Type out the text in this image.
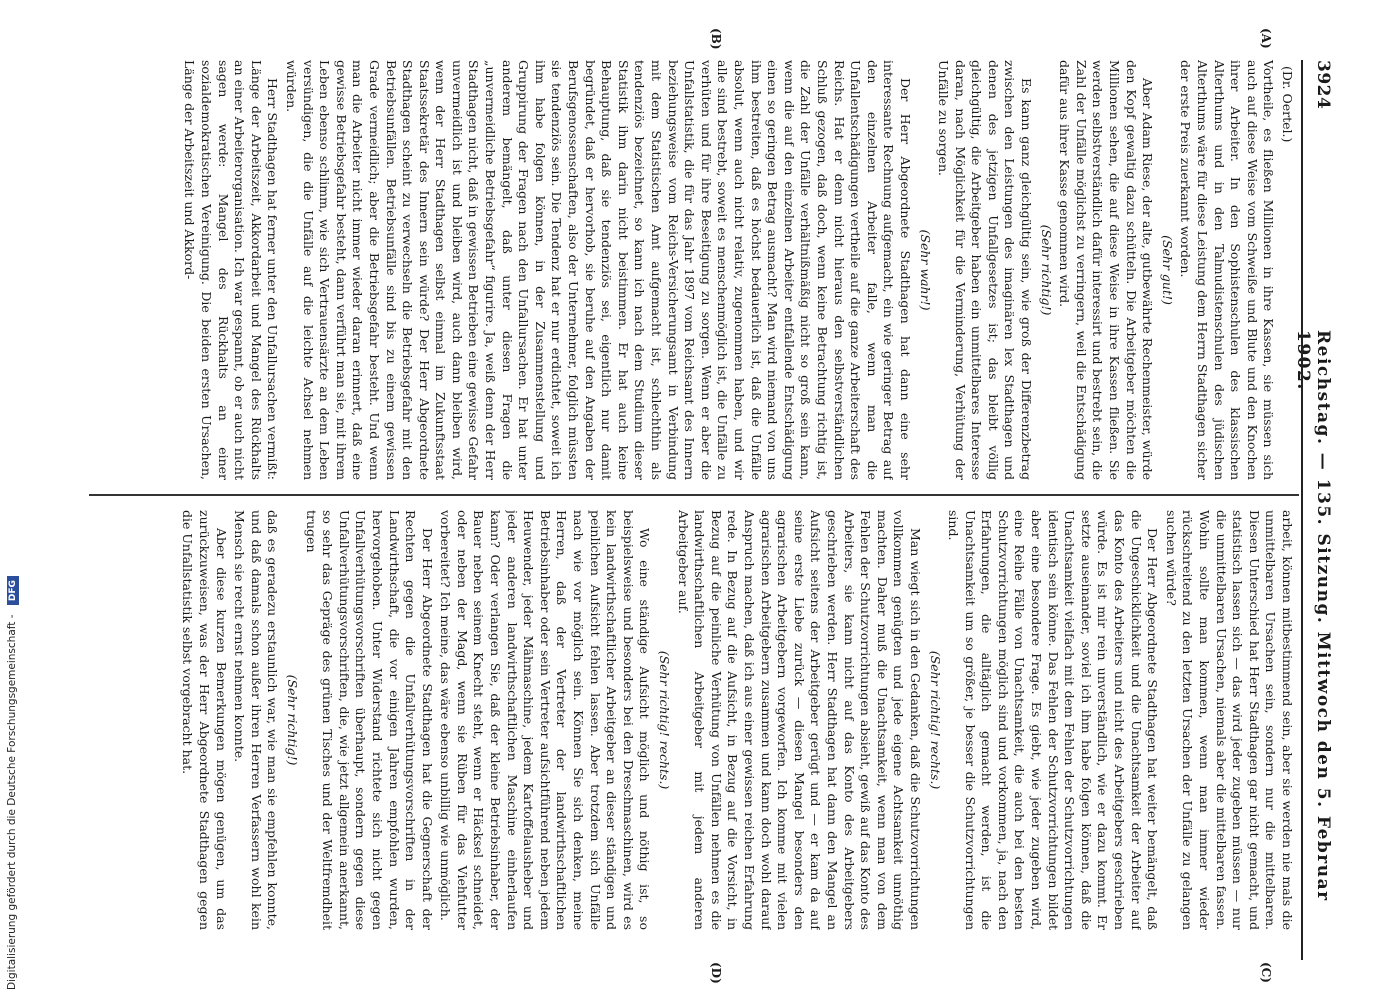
3924
Reichstag. — 135. Sitzung. Mittwoch den 5. Februar 1902.
(A)
(B)
(C)
(D)
(Dr. Oertel.)

Vortheile, es fließen Millionen in ihre Kassen, sie müssen sich auch auf diese Weise vom Schweiße und Blute und den Knochen ihrer Arbeiter. In den Sophistenschulen des klassischen Alterthums und in den Talmudistenschulen des jüdischen Alterthums wäre für diese Leistung dem Herrn Stadthagen sicher der erste Preis zuerkannt worden.

(Sehr gut!)

Aber Adam Riese, der alte, gutbewährte Rechenmeister, würde den Kopf gewaltig dazu schütteln. Die Arbeitgeber möchten die Millionen sehen, die auf diese Weise in ihre Kassen fließen. Sie werden selbstverständlich dafür interessirt und bestrebt sein, die Zahl der Unfälle möglichst zu verringern, weil die Entschädigung dafür aus ihrer Kasse genommen wird.

(Sehr richtig!)

Es kann ganz gleichgültig sein, wie groß der Differenzbetrag zwischen den Leistungen des imaginären lex Stadthagen und denen des jetzigen Unfallgesetzes ist; das bleibt völlig gleichgültig, die Arbeitgeber haben ein unmittelbares Interesse daran, nach Möglichkeit für die Verminderung, Verhütung der Unfälle zu sorgen.

(Sehr wahr!)

Der Herr Abgeordnete Stadthagen hat dann eine sehr interessante Rechnung aufgemacht, ein wie geringer Betrag auf den einzelnen Arbeiter falle, wenn man die Unfallentschädigungen vertheile auf die ganze Arbeiterschaft des Reichs. Hat er denn nicht hieraus den selbstverständlichen Schluß gezogen, daß doch, wenn keine Betrachtung richtig ist, die Zahl der Unfälle verhältnißmäßig nicht so groß sein kann, wenn die auf den einzelnen Arbeiter entfallende Entschädigung einen so geringen Betrag ausmacht? Man wird niemand von uns ihm bestreiten, daß es höchst bedauerlich ist, daß die Unfälle absolut, wenn auch nicht relativ, zugenommen haben, und wir alle sind bestrebt, soweit es menschenmöglich ist, die Unfälle zu verhüten und für ihre Beseitigung zu sorgen. Wenn er aber die Unfallstatistik, die für das Jahr 1897 vom Reichsamt des Innern beziehungsweise vom Reichs-Versicherungsamt in Verbindung mit dem Statistischen Amt aufgemacht ist, schlechthin als tendenziös bezeichnet, so kann ich nach dem Studium dieser Statistik ihm darin nicht beistimmen. Er hat auch keine Behauptung, daß sie tendenziös sei, eigentlich nur damit begründet, daß er hervorhob, sie beruhe auf den Angaben der Berufsgenossenschaften, also der Unternehmer, folglich müssten sie tendenziös sein. Die Tendenz hat er nur erdichtet, soweit ich ihm habe folgen können, in der Zusammenstellung und Gruppirung der Fragen nach den Unfallursachen. Er hat unter anderem bemängelt, daß unter diesen Fragen die „unvermeidliche Betriebsgefahr“ figurire. Ja, weiß denn der Herr Stadthagen nicht, daß in gewissen Betrieben eine gewisse Gefahr unvermeidlich ist und bleiben wird, auch dann bleiben wird, wenn der Herr Stadthagen selbst einmal im Zukunftsstaat Staatssekretär des Innern sein würde? Der Herr Abgeordnete Stadthagen scheint zu verwechseln die Betriebsgefahr mit den Betriebsunfällen. Betriebsunfälle sind bis zu einem gewissen Grade vermeidlich; aber die Betriebsgefahr besteht. Und wenn man die Arbeiter nicht immer wieder daran erinnert, daß eine gewisse Betriebsgefahr besteht, dann verführt man sie, mit ihrem Leben ebenso schlimm, wie sich Vertrauensärzte an dem Leben versündigen, die die Unfälle auf die leichte Achsel nehmen würden.

Herr Stadthagen hat ferner unter den Unfallursachen vermißt: Länge der Arbeitszeit, Akkordarbeit und Mangel des Rückhalts an einer Arbeiterorganisation. Ich war gespannt, ob er auch nicht sagen werde: Mangel des Rückhalts an einer sozialdemokratischen Vereinigung. Die beiden ersten Ursachen, Länge der Arbeitszeit und Akkord-

arbeit, können mitbestimmend sein, aber sie werden nie mals die unmittelbaren Ursachen sein, sondern nur die mittelbaren. Diesen Unterschied hat Herr Stadthagen gar nicht gemacht, und statistisch lassen sich — das wird jeder zugeben müssen — nur die unmittelbaren Ursachen, niemals aber die mittelbaren fassen. Wohin sollte man kommen, wenn man immer wieder rückschreitend zu den letzten Ursachen der Unfälle zu gelangen suchen würde?

Der Herr Abgeordnete Stadthagen hat weiter bemängelt, daß die Ungeschicklichkeit und die Unachtsamkeit der Arbeiter auf das Konto des Arbeiters und nicht des Arbeitgebers geschrieben würde. Es ist mir rein unverständlich, wie er dazu kommt. Er setzte auseinander, soviel ich ihm habe folgen können, daß die Unachtsamkeit vielfach mit dem Fehlen der Schutzvorrichtungen identisch sein könne. Das Fehlen der Schutzvorrichtungen bildet aber eine besondere Frage. Es giebt, wie jeder zugeben wird, eine Reihe Fälle von Unachtsamkeit, die auch bei den besten Schutzvorrichtungen möglich sind und vorkommen, ja, nach den Erfahrungen, die alltäglich gemacht werden, ist die Unachtsamkeit um so größer, je besser die Schutzvorrichtungen sind.

(Sehr richtig! rechts.)

Man wiegt sich in den Gedanken, daß die Schutzvorrichtungen vollkommen genügten und jede eigene Achtsamkeit unnöthig machten. Daher muß die Unachtsamkeit, wenn man von dem Fehlen der Schutzvorrichtungen absieht, gewiß auf das Konto des Arbeiters, sie kann nicht auf das Konto des Arbeitgebers geschrieben werden. Herr Stadthagen hat dann den Mangel an Aufsicht seitens der Arbeitgeber gerügt und — er kam da auf seine erste Liebe zurück — diesen Mangel besonders den agrarischen Arbeitgebern vorgeworfen. Ich komme mit vielen agrarischen Arbeitgebern zusammen und kann doch wohl darauf Anspruch machen, daß ich aus einer gewissen reichen Erfahrung rede. In Bezug auf die Aufsicht, in Bezug auf die Vorsicht, in Bezug auf die peinliche Verhütung von Unfällen nehmen es die landwirthschaftlichen Arbeitgeber mit jedem anderen Arbeitgeber auf.

(Sehr richtig! rechts.)

Wo eine ständige Aufsicht möglich und nöthig ist, so beispielsweise und besonders bei den Dreschmaschinen, wird es kein landwirthschaftlicher Arbeitgeber an dieser ständigen und peinlichen Aufsicht fehlen lassen. Aber trotzdem sich Unfälle nach wie vor möglich sein. Können Sie sich denken, meine Herren, daß der Vertreter der landwirthschaftlichen Betriebsinhaber oder sein Vertreter aufsichtführend neben jedem Heuwender, jeder Mähmaschine, jedem Kartoffelausheber und jeder anderen landwirthschaftlichen Maschine einherlaufen kann? Oder verlangen Sie, daß der kleine Betriebsinhaber, der Bauer neben seinem Knecht steht, wenn er Häcksel schneidet, oder neben der Magd, wenn sie Rüben für das Viehfutter vorbereitet? Ich meine, das wäre ebenso unbillig wie unmöglich.

Der Herr Abgeordnete Stadthagen hat die Gegnerschaft der Rechten gegen die Unfallverhütungsvorschriften in der Landwirthschaft, die vor einigen Jahren empfohlen wurden, hervorgehoben. Unter Widerstand richtete sich nicht gegen Unfallverhütungsvorschriften überhaupt, sondern gegen diese Unfallverhütungsvorschriften, die, wie jetzt allgemein anerkannt, so sehr das Gepräge des grünen Tisches und der Weltfremdheit trugen

(Sehr richtig!)

daß es geradezu erstaunlich war, wie man sie empfehlen konnte, und daß damals schon außer ihren Herren Verfassern wohl kein Mensch sie recht ernst nehmen konnte.

Aber diese kurzen Bemerkungen mögen genügen, um das zurückzuweisen, was der Herr Abgeordnete Stadthagen gegen die Unfallstatistik selbst vorgebracht hat.

Digitalisierung gefördert durch die Deutsche Forschungsgemeinschaft - DFG
